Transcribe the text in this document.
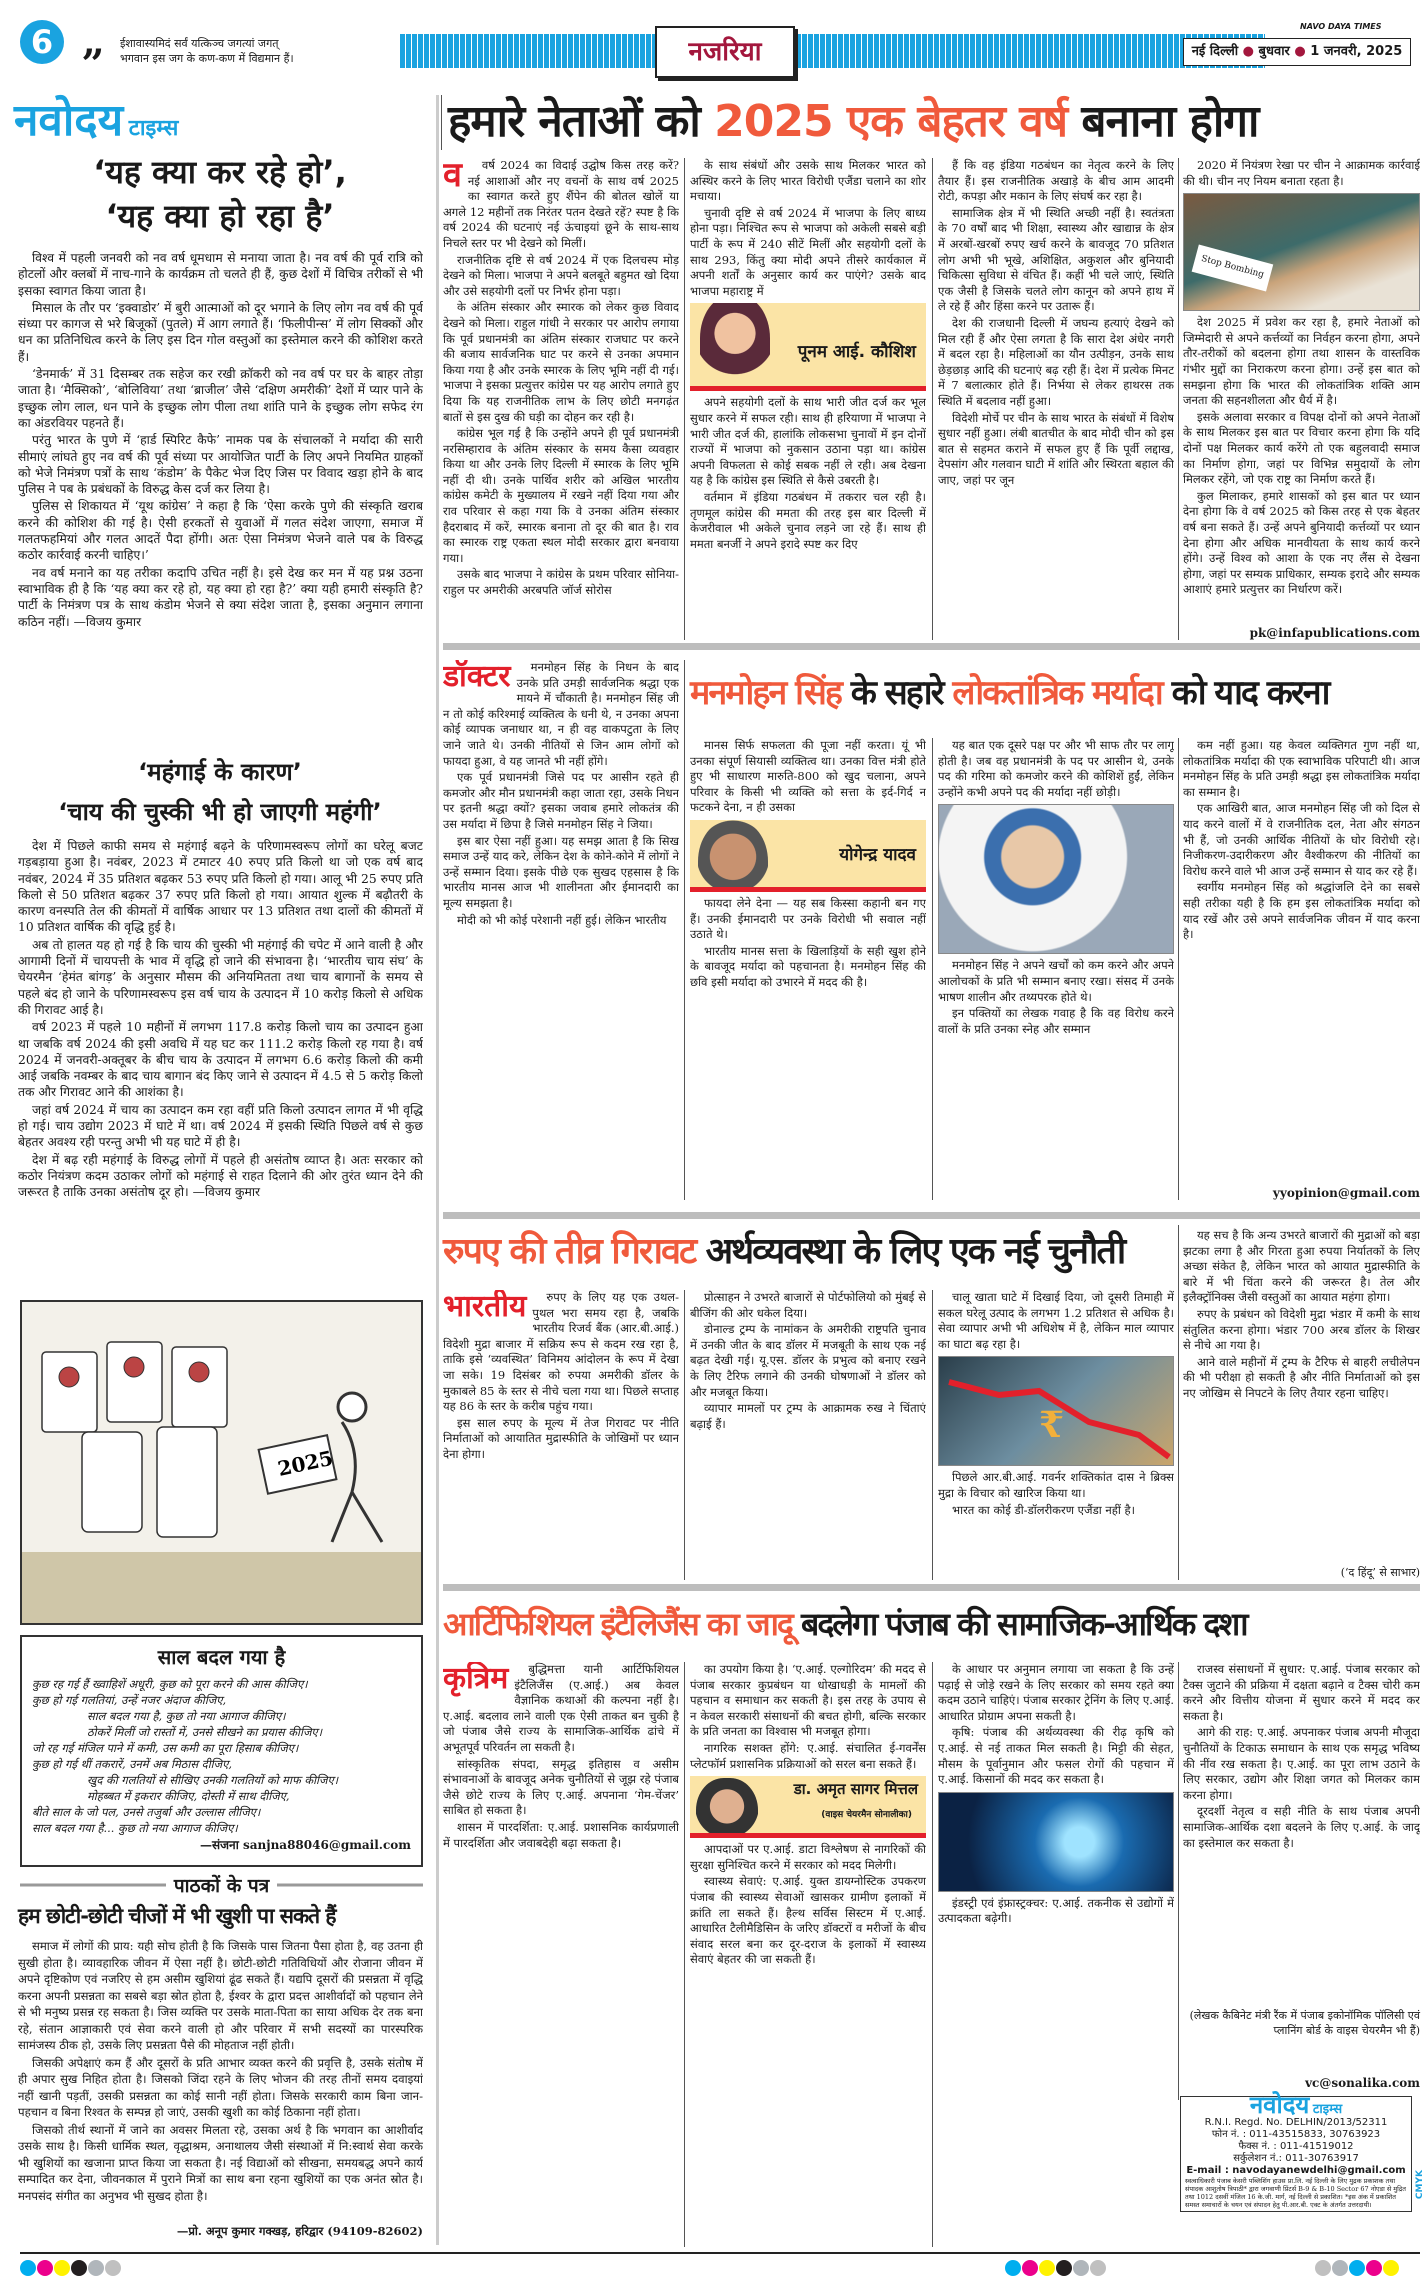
6 „ ईशावास्यमिदं सर्वं यत्किञ्च जगत्यां जगत्
भगवान इस जग के कण-कण में विद्यमान हैं।	नजरिया
NAVO DAYA TIMES
नई दिल्ली ● बुधवार ● 1 जनवरी, 2025
नवोदय टाइम्स
‘यह क्या कर रहे हो’,
‘यह क्या हो रहा है’

विश्व में पहली जनवरी को नव वर्ष धूमधाम से मनाया जाता है। नव वर्ष की पूर्व रात्रि को होटलों और क्लबों में नाच-गाने के कार्यक्रम तो चलते ही हैं, कुछ देशों में विचित्र तरीकों से भी इसका स्वागत किया जाता है।

मिसाल के तौर पर ‘इक्वाडोर’ में बुरी आत्माओं को दूर भगाने के लिए लोग नव वर्ष की पूर्व संध्या पर कागज से भरे बिजूकों (पुतले) में आग लगाते हैं। ‘फिलीपीन्स’ में लोग सिक्कों और धन का प्रतिनिधित्व करने के लिए इस दिन गोल वस्तुओं का इस्तेमाल करने की कोशिश करते हैं।

‘डेनमार्क’ में 31 दिसम्बर तक सहेज कर रखी क्रॉकरी को नव वर्ष पर घर के बाहर तोड़ा जाता है। ‘मैक्सिको’, ‘बोलिविया’ तथा ‘ब्राजील’ जैसे ‘दक्षिण अमरीकी’ देशों में प्यार पाने के इच्छुक लोग लाल, धन पाने के इच्छुक लोग पीला तथा शांति पाने के इच्छुक लोग सफेद रंग का अंडरवियर पहनते हैं।

परंतु भारत के पुणे में ‘हार्ड स्पिरिट कैफे’ नामक पब के संचालकों ने मर्यादा की सारी सीमाएं लांघते हुए नव वर्ष की पूर्व संध्या पर आयोजित पार्टी के लिए अपने नियमित ग्राहकों को भेजे निमंत्रण पत्रों के साथ ‘कंडोम’ के पैकेट भेज दिए जिस पर विवाद खड़ा होने के बाद पुलिस ने पब के प्रबंधकों के विरुद्ध केस दर्ज कर लिया है।

पुलिस से शिकायत में ‘यूथ कांग्रेस’ ने कहा है कि ‘ऐसा करके पुणे की संस्कृति खराब करने की कोशिश की गई है। ऐसी हरकतों से युवाओं में गलत संदेश जाएगा, समाज में गलतफहमियां और गलत आदतें पैदा होंगी। अतः ऐसा निमंत्रण भेजने वाले पब के विरुद्ध कठोर कार्रवाई करनी चाहिए।’

नव वर्ष मनाने का यह तरीका कदापि उचित नहीं है। इसे देख कर मन में यह प्रश्न उठना स्वाभाविक ही है कि ‘यह क्या कर रहे हो, यह क्या हो रहा है?’ क्या यही हमारी संस्कृति है? पार्टी के निमंत्रण पत्र के साथ कंडोम भेजने से क्या संदेश जाता है, इसका अनुमान लगाना कठिन नहीं। —विजय कुमार

‘महंगाई के कारण’
‘चाय की चुस्की भी हो जाएगी महंगी’

देश में पिछले काफी समय से महंगाई बढ़ने के परिणामस्वरूप लोगों का घरेलू बजट गड़बड़ाया हुआ है। नवंबर, 2023 में टमाटर 40 रुपए प्रति किलो था जो एक वर्ष बाद नवंबर, 2024 में 35 प्रतिशत बढ़कर 53 रुपए प्रति किलो हो गया। आलू भी 25 रुपए प्रति किलो से 50 प्रतिशत बढ़कर 37 रुपए प्रति किलो हो गया। आयात शुल्क में बढ़ौतरी के कारण वनस्पति तेल की कीमतों में वार्षिक आधार पर 13 प्रतिशत तथा दालों की कीमतों में 10 प्रतिशत वार्षिक की वृद्धि हुई है।

अब तो हालत यह हो गई है कि चाय की चुस्की भी महंगाई की चपेट में आने वाली है और आगामी दिनों में चायपत्ती के भाव में वृद्धि हो जाने की संभावना है। ‘भारतीय चाय संघ’ के चेयरमैन ‘हेमंत बांगड़’ के अनुसार मौसम की अनियमितता तथा चाय बागानों के समय से पहले बंद हो जाने के परिणामस्वरूप इस वर्ष चाय के उत्पादन में 10 करोड़ किलो से अधिक की गिरावट आई है।

वर्ष 2023 में पहले 10 महीनों में लगभग 117.8 करोड़ किलो चाय का उत्पादन हुआ था जबकि वर्ष 2024 की इसी अवधि में यह घट कर 111.2 करोड़ किलो रह गया है। वर्ष 2024 में जनवरी-अक्तूबर के बीच चाय के उत्पादन में लगभग 6.6 करोड़ किलो की कमी आई जबकि नवम्बर के बाद चाय बागान बंद किए जाने से उत्पादन में 4.5 से 5 करोड़ किलो तक और गिरावट आने की आशंका है।

जहां वर्ष 2024 में चाय का उत्पादन कम रहा वहीं प्रति किलो उत्पादन लागत में भी वृद्धि हो गई। चाय उद्योग 2023 में घाटे में था। वर्ष 2024 में इसकी स्थिति पिछले वर्ष से कुछ बेहतर अवश्य रही परन्तु अभी भी यह घाटे में ही है।

देश में बढ़ रही महंगाई के विरुद्ध लोगों में पहले ही असंतोष व्याप्त है। अतः सरकार को कठोर नियंत्रण कदम उठाकर लोगों को महंगाई से राहत दिलाने की ओर तुरंत ध्यान देने की जरूरत है ताकि उनका असंतोष दूर हो। —विजय कुमार

2025
साल बदल गया है
कुछ रह गई हैं ख्वाहिशें अधूरी, कुछ को पूरा करने की आस कीजिए।
कुछ हो गई गलतियां, उन्हें नजर अंदाज कीजिए,
साल बदल गया है, कुछ तो नया आगाज कीजिए।
ठोकरें मिलीं जो रास्तों में, उनसे सीखने का प्रयास कीजिए।
जो रह गई मंजिल पाने में कमी, उस कमी का पूरा हिसाब कीजिए।
कुछ हो गई थीं तकरारें, उनमें अब मिठास दीजिए,
खुद की गलतियों से सीखिए उनकी गलतियों को माफ कीजिए।
मोहब्बत में इकरार कीजिए, दोस्ती में साथ दीजिए,
बीते साल के जो पल, उनसे तजुर्बा और उल्लास लीजिए।
साल बदल गया है... कुछ तो नया आगाज कीजिए।
—संजना sanjna88046@gmail.com
पाठकों के पत्र
हम छोटी-छोटी चीजों में भी खुशी पा सकते हैं

समाज में लोगों की प्राय: यही सोच होती है कि जिसके पास जितना पैसा होता है, वह उतना ही सुखी होता है। व्यावहारिक जीवन में ऐसा नहीं है। छोटी-छोटी गतिविधियों और रोजाना जीवन में अपने दृष्टिकोण एवं नजरिए से हम असीम खुशियां ढूंढ सकते हैं। यद्यपि दूसरों की प्रसन्नता में वृद्धि करना अपनी प्रसन्नता का सबसे बड़ा स्रोत होता है, ईश्वर के द्वारा प्रदत्त आशीर्वादों को पहचान लेने से भी मनुष्य प्रसन्न रह सकता है। जिस व्यक्ति पर उसके माता-पिता का साया अधिक देर तक बना रहे, संतान आज्ञाकारी एवं सेवा करने वाली हो और परिवार में सभी सदस्यों का पारस्परिक सामंजस्य ठीक हो, उसके लिए प्रसन्नता पैसे की मोहताज नहीं होती।

जिसकी अपेक्षाएं कम हैं और दूसरों के प्रति आभार व्यक्त करने की प्रवृत्ति है, उसके संतोष में ही अपार सुख निहित होता है। जिसको जिंदा रहने के लिए भोजन की तरह तीनों समय दवाइयां नहीं खानी पड़तीं, उसकी प्रसन्नता का कोई सानी नहीं होता। जिसके सरकारी काम बिना जान-पहचान व बिना रिश्वत के सम्पन्न हो जाएं, उसकी खुशी का कोई ठिकाना नहीं होता।

जिसको तीर्थ स्थानों में जाने का अवसर मिलता रहे, उसका अर्थ है कि भगवान का आशीर्वाद उसके साथ है। किसी धार्मिक स्थल, वृद्धाश्रम, अनाथालय जैसी संस्थाओं में नि:स्वार्थ सेवा करके भी खुशियों का खजाना प्राप्त किया जा सकता है। नई विद्याओं को सीखना, समयबद्ध अपने कार्य सम्पादित कर देना, जीवनकाल में पुराने मित्रों का साथ बना रहना खुशियों का एक अनंत स्रोत है। मनपसंद संगीत का अनुभव भी सुखद होता है।

—प्रो. अनूप कुमार गक्खड़, हरिद्वार (94109-82602)
हमारे नेताओं को 2025 एक बेहतर वर्ष बनाना होगा
व	वर्ष 2024 का विदाई उद्घोष किस तरह करें? नई आशाओं और नए वचनों के साथ वर्ष 2025 का स्वागत करते हुए शैंपेन की बोतल खोलें या अगले 12 महीनों तक निरंतर पतन देखते रहें? स्पष्ट है कि वर्ष 2024 की घटनाएं नई ऊंचाइयां छूने के साथ-साथ निचले स्तर पर भी देखने को मिलीं।

राजनीतिक दृष्टि से वर्ष 2024 में एक दिलचस्प मोड़ देखने को मिला। भाजपा ने अपने बलबूते बहुमत खो दिया और उसे सहयोगी दलों पर निर्भर होना पड़ा।

के अंतिम संस्कार और स्मारक को लेकर कुछ विवाद देखने को मिला। राहुल गांधी ने सरकार पर आरोप लगाया कि पूर्व प्रधानमंत्री का अंतिम संस्कार राजघाट पर करने की बजाय सार्वजनिक घाट पर करने से उनका अपमान किया गया है और उनके स्मारक के लिए भूमि नहीं दी गई। भाजपा ने इसका प्रत्युत्तर कांग्रेस पर यह आरोप लगाते हुए दिया कि यह राजनीतिक लाभ के लिए छोटी मनगढ़ंत बातों से इस दुख की घड़ी का दोहन कर रही है।

कांग्रेस भूल गई है कि उन्होंने अपने ही पूर्व प्रधानमंत्री नरसिम्हाराव के अंतिम संस्कार के समय कैसा व्यवहार किया था और उनके लिए दिल्ली में स्मारक के लिए भूमि नहीं दी थी। उनके पार्थिव शरीर को अखिल भारतीय कांग्रेस कमेटी के मुख्यालय में रखने नहीं दिया गया और राव परिवार से कहा गया कि वे उनका अंतिम संस्कार हैदराबाद में करें, स्मारक बनाना तो दूर की बात है। राव का स्मारक राष्ट्र एकता स्थल मोदी सरकार द्वारा बनवाया गया।

उसके बाद भाजपा ने कांग्रेस के प्रथम परिवार सोनिया-राहुल पर अमरीकी अरबपति जॉर्ज सोरोस

के साथ संबंधों और उसके साथ मिलकर भारत को अस्थिर करने के लिए भारत विरोधी एजैंडा चलाने का शोर मचाया।

चुनावी दृष्टि से वर्ष 2024 में भाजपा के लिए बाध्य होना पड़ा। निश्चित रूप से भाजपा को अकेली सबसे बड़ी पार्टी के रूप में 240 सीटें मिलीं और सहयोगी दलों के साथ 293, किंतु क्या मोदी अपने तीसरे कार्यकाल में अपनी शर्तों के अनुसार कार्य कर पाएंगे? उसके बाद भाजपा महाराष्ट्र में

पूनम आई. कौशिश

अपने सहयोगी दलों के साथ भारी जीत दर्ज कर भूल सुधार करने में सफल रही। साथ ही हरियाणा में भाजपा ने भारी जीत दर्ज की, हालांकि लोकसभा चुनावों में इन दोनों राज्यों में भाजपा को नुकसान उठाना पड़ा था। कांग्रेस अपनी विफलता से कोई सबक नहीं ले रही। अब देखना यह है कि कांग्रेस इस स्थिति से कैसे उबरती है।

वर्तमान में इंडिया गठबंधन में तकरार चल रही है। तृणमूल कांग्रेस की ममता की तरह इस बार दिल्ली में केजरीवाल भी अकेले चुनाव लड़ने जा रहे हैं। साथ ही ममता बनर्जी ने अपने इरादे स्पष्ट कर दिए

हैं कि वह इंडिया गठबंधन का नेतृत्व करने के लिए तैयार हैं। इस राजनीतिक अखाड़े के बीच आम आदमी रोटी, कपड़ा और मकान के लिए संघर्ष कर रहा है।

सामाजिक क्षेत्र में भी स्थिति अच्छी नहीं है। स्वतंत्रता के 70 वर्षों बाद भी शिक्षा, स्वास्थ्य और खाद्यान्न के क्षेत्र में अरबों-खरबों रुपए खर्च करने के बावजूद 70 प्रतिशत लोग अभी भी भूखे, अशिक्षित, अकुशल और बुनियादी चिकित्सा सुविधा से वंचित हैं। कहीं भी चले जाएं, स्थिति एक जैसी है जिसके चलते लोग कानून को अपने हाथ में ले रहे हैं और हिंसा करने पर उतारू हैं।

देश की राजधानी दिल्ली में जघन्य हत्याएं देखने को मिल रही हैं और ऐसा लगता है कि सारा देश अंधेर नगरी में बदल रहा है। महिलाओं का यौन उत्पीड़न, उनके साथ छेड़छाड़ आदि की घटनाएं बढ़ रही हैं। देश में प्रत्येक मिनट में 7 बलात्कार होते हैं। निर्भया से लेकर हाथरस तक स्थिति में बदलाव नहीं हुआ।

विदेशी मोर्चे पर चीन के साथ भारत के संबंधों में विशेष सुधार नहीं हुआ। लंबी बातचीत के बाद मोदी चीन को इस बात से सहमत कराने में सफल हुए हैं कि पूर्वी लद्दाख, देपसांग और गलवान घाटी में शांति और स्थिरता बहाल की जाए, जहां पर जून

2020 में नियंत्रण रेखा पर चीन ने आक्रामक कार्रवाई की थी। चीन नए नियम बनाता रहता है।

Stop Bombing

देश 2025 में प्रवेश कर रहा है, हमारे नेताओं को जिम्मेदारी से अपने कर्त्तव्यों का निर्वहन करना होगा, अपने तौर-तरीकों को बदलना होगा तथा शासन के वास्तविक गंभीर मुद्दों का निराकरण करना होगा। उन्हें इस बात को समझना होगा कि भारत की लोकतांत्रिक शक्ति आम जनता की सहनशीलता और धैर्य में है।

इसके अलावा सरकार व विपक्ष दोनों को अपने नेताओं के साथ मिलकर इस बात पर विचार करना होगा कि यदि दोनों पक्ष मिलकर कार्य करेंगे तो एक बहुलवादी समाज का निर्माण होगा, जहां पर विभिन्न समुदायों के लोग मिलकर रहेंगे, जो एक राष्ट्र का निर्माण करते हैं।

कुल मिलाकर, हमारे शासकों को इस बात पर ध्यान देना होगा कि वे वर्ष 2025 को किस तरह से एक बेहतर वर्ष बना सकते हैं। उन्हें अपने बुनियादी कर्त्तव्यों पर ध्यान देना होगा और अधिक मानवीयता के साथ कार्य करने होंगे। उन्हें विश्व को आशा के एक नए लैंस से देखना होगा, जहां पर सम्यक प्राधिकार, सम्यक इरादे और सम्यक आशाएं हमारे प्रत्युत्तर का निर्धारण करें।

pk@infapublications.com
डॉक्टर	मनमोहन सिंह के निधन के बाद उनके प्रति उमड़ी सार्वजनिक श्रद्धा एक मायने में चौंकाती है। मनमोहन सिंह जी न तो कोई करिश्माई व्यक्तित्व के धनी थे, न उनका अपना कोई व्यापक जनाधार था, न ही वह वाकपटुता के लिए जाने जाते थे। उनकी नीतियों से जिन आम लोगों को फायदा हुआ, वे यह जानते भी नहीं होंगे।

एक पूर्व प्रधानमंत्री जिसे पद पर आसीन रहते ही कमजोर और मौन प्रधानमंत्री कहा जाता रहा, उसके निधन पर इतनी श्रद्धा क्यों? इसका जवाब हमारे लोकतंत्र की उस मर्यादा में छिपा है जिसे मनमोहन सिंह ने जिया।

इस बार ऐसा नहीं हुआ। यह समझ आता है कि सिख समाज उन्हें याद करे, लेकिन देश के कोने-कोने में लोगों ने उन्हें सम्मान दिया। इसके पीछे एक सुखद एहसास है कि भारतीय मानस आज भी शालीनता और ईमानदारी का मूल्य समझता है।

मोदी को भी कोई परेशानी नहीं हुई। लेकिन भारतीय

मनमोहन सिंह के सहारे लोकतांत्रिक मर्यादा को याद करना

मानस सिर्फ सफलता की पूजा नहीं करता। यूं भी उनका संपूर्ण सियासी व्यक्तित्व था। उनका वित्त मंत्री होते हुए भी साधारण मारुति-800 को खुद चलाना, अपने परिवार के किसी भी व्यक्ति को सत्ता के इर्द-गिर्द न फटकने देना, न ही उसका

योगेन्द्र यादव

फायदा लेने देना — यह सब किस्सा कहानी बन गए हैं। उनकी ईमानदारी पर उनके विरोधी भी सवाल नहीं उठाते थे।

भारतीय मानस सत्ता के खिलाड़ियों के सही खुश होने के बावजूद मर्यादा को पहचानता है। मनमोहन सिंह की छवि इसी मर्यादा को उभारने में मदद की है।

यह बात एक दूसरे पक्ष पर और भी साफ तौर पर लागू होती है। जब वह प्रधानमंत्री के पद पर आसीन थे, उनके पद की गरिमा को कमजोर करने की कोशिशें हुईं, लेकिन उन्होंने कभी अपने पद की मर्यादा नहीं छोड़ी।

मनमोहन सिंह ने अपने खर्चों को कम करने और अपने आलोचकों के प्रति भी सम्मान बनाए रखा। संसद में उनके भाषण शालीन और तथ्यपरक होते थे।

इन पक्तियों का लेखक गवाह है कि वह विरोध करने वालों के प्रति उनका स्नेह और सम्मान

कम नहीं हुआ। यह केवल व्यक्तिगत गुण नहीं था, लोकतांत्रिक मर्यादा की एक स्वाभाविक परिपाटी थी। आज मनमोहन सिंह के प्रति उमड़ी श्रद्धा इस लोकतांत्रिक मर्यादा का सम्मान है।

एक आखिरी बात, आज मनमोहन सिंह जी को दिल से याद करने वालों में वे राजनीतिक दल, नेता और संगठन भी हैं, जो उनकी आर्थिक नीतियों के घोर विरोधी रहे। निजीकरण-उदारीकरण और वैश्वीकरण की नीतियों का विरोध करने वाले भी आज उन्हें सम्मान से याद कर रहे हैं।

स्वर्गीय मनमोहन सिंह को श्रद्धांजलि देने का सबसे सही तरीका यही है कि हम इस लोकतांत्रिक मर्यादा को याद रखें और उसे अपने सार्वजनिक जीवन में याद करना है।

yyopinion@gmail.com
रुपए की तीव्र गिरावट अर्थव्यवस्था के लिए एक नई चुनौती
भारतीय	रुपए के लिए यह एक उथल-पुथल भरा समय रहा है, जबकि भारतीय रिजर्व बैंक (आर.बी.आई.) विदेशी मुद्रा बाजार में सक्रिय रूप से कदम रख रहा है, ताकि इसे ‘व्यवस्थित’ विनिमय आंदोलन के रूप में देखा जा सके। 19 दिसंबर को रुपया अमरीकी डॉलर के मुकाबले 85 के स्तर से नीचे चला गया था। पिछले सप्ताह यह 86 के स्तर के करीब पहुंच गया।

इस साल रुपए के मूल्य में तेज गिरावट पर नीति निर्माताओं को आयातित मुद्रास्फीति के जोखिमों पर ध्यान देना होगा।

प्रोत्साहन ने उभरते बाजारों से पोर्टफोलियो को मुंबई से बीजिंग की ओर धकेल दिया।

डोनाल्ड ट्रम्प के नामांकन के अमरीकी राष्ट्रपति चुनाव में उनकी जीत के बाद डॉलर में मजबूती के साथ एक नई बढ़त देखी गई। यू.एस. डॉलर के प्रभुत्व को बनाए रखने के लिए टैरिफ लगाने की उनकी घोषणाओं ने डॉलर को और मजबूत किया।

व्यापार मामलों पर ट्रम्प के आक्रामक रुख ने चिंताएं बढ़ाई हैं।

चालू खाता घाटे में दिखाई दिया, जो दूसरी तिमाही में सकल घरेलू उत्पाद के लगभग 1.2 प्रतिशत से अधिक है। सेवा व्यापार अभी भी अधिशेष में है, लेकिन माल व्यापार का घाटा बढ़ रहा है।

₹

पिछले आर.बी.आई. गवर्नर शक्तिकांत दास ने ब्रिक्स मुद्रा के विचार को खारिज किया था।

भारत का कोई डी-डॉलरीकरण एजैंडा नहीं है।

यह सच है कि अन्य उभरते बाजारों की मुद्राओं को बड़ा झटका लगा है और गिरता हुआ रुपया निर्यातकों के लिए अच्छा संकेत है, लेकिन भारत को आयात मुद्रास्फीति के बारे में भी चिंता करने की जरूरत है। तेल और इलैक्ट्रॉनिक्स जैसी वस्तुओं का आयात महंगा होगा।

रुपए के प्रबंधन को विदेशी मुद्रा भंडार में कमी के साथ संतुलित करना होगा। भंडार 700 अरब डॉलर के शिखर से नीचे आ गया है।

आने वाले महीनों में ट्रम्प के टैरिफ से बाहरी लचीलेपन की भी परीक्षा हो सकती है और नीति निर्माताओं को इस नए जोखिम से निपटने के लिए तैयार रहना चाहिए।

(‘द हिंदू’ से साभार)
आर्टिफिशियल इंटैलिजैंस का जादू बदलेगा पंजाब की सामाजिक-आर्थिक दशा
कृत्रिम	बुद्धिमत्ता यानी आर्टिफिशियल इंटैलिजैंस (ए.आई.) अब केवल वैज्ञानिक कथाओं की कल्पना नहीं है। ए.आई. बदलाव लाने वाली एक ऐसी ताकत बन चुकी है जो पंजाब जैसे राज्य के सामाजिक-आर्थिक ढांचे में अभूतपूर्व परिवर्तन ला सकती है।

सांस्कृतिक संपदा, समृद्ध इतिहास व असीम संभावनाओं के बावजूद अनेक चुनौतियों से जूझ रहे पंजाब जैसे छोटे राज्य के लिए ए.आई. अपनाना ‘गेम-चेंजर’ साबित हो सकता है।

शासन में पारदर्शिता: ए.आई. प्रशासनिक कार्यप्रणाली में पारदर्शिता और जवाबदेही बढ़ा सकता है।

का उपयोग किया है। ‘ए.आई. एल्गोरिदम’ की मदद से पंजाब सरकार कुप्रबंधन या धोखाधड़ी के मामलों की पहचान व समाधान कर सकती है। इस तरह के उपाय से न केवल सरकारी संसाधनों की बचत होगी, बल्कि सरकार के प्रति जनता का विश्वास भी मजबूत होगा।

नागरिक सशक्त होंगे: ए.आई. संचालित ई-गवर्नेंस प्लेटफॉर्म प्रशासनिक प्रक्रियाओं को सरल बना सकते हैं।

डा. अमृत सागर मित्तल
(वाइस चेयरमैन सोनालीका)

आपदाओं पर ए.आई. डाटा विश्लेषण से नागरिकों की सुरक्षा सुनिश्चित करने में सरकार को मदद मिलेगी।

स्वास्थ्य सेवाएं: ए.आई. युक्त डायग्नोस्टिक उपकरण पंजाब की स्वास्थ्य सेवाओं खासकर ग्रामीण इलाकों में क्रांति ला सकते हैं। हैल्थ सर्विस सिस्टम में ए.आई. आधारित टैलीमैडिसिन के जरिए डॉक्टरों व मरीजों के बीच संवाद सरल बना कर दूर-दराज के इलाकों में स्वास्थ्य सेवाएं बेहतर की जा सकती हैं।

के आधार पर अनुमान लगाया जा सकता है कि उन्हें पढ़ाई से जोड़े रखने के लिए सरकार को समय रहते क्या कदम उठाने चाहिएं। पंजाब सरकार ट्रेनिंग के लिए ए.आई. आधारित प्रोग्राम अपना सकती है।

कृषि: पंजाब की अर्थव्यवस्था की रीढ़ कृषि को ए.आई. से नई ताकत मिल सकती है। मिट्टी की सेहत, मौसम के पूर्वानुमान और फसल रोगों की पहचान में ए.आई. किसानों की मदद कर सकता है।

इंडस्ट्री एवं इंफ्रास्ट्रक्चर: ए.आई. तकनीक से उद्योगों में उत्पादकता बढ़ेगी।

राजस्व संसाधनों में सुधार: ए.आई. पंजाब सरकार को टैक्स जुटाने की प्रक्रिया में दक्षता बढ़ाने व टैक्स चोरी कम करने और वित्तीय योजना में सुधार करने में मदद कर सकता है।

आगे की राह: ए.आई. अपनाकर पंजाब अपनी मौजूदा चुनौतियों के टिकाऊ समाधान के साथ एक समृद्ध भविष्य की नींव रख सकता है। ए.आई. का पूरा लाभ उठाने के लिए सरकार, उद्योग और शिक्षा जगत को मिलकर काम करना होगा।

दूरदर्शी नेतृत्व व सही नीति के साथ पंजाब अपनी सामाजिक-आर्थिक दशा बदलने के लिए ए.आई. के जादू का इस्तेमाल कर सकता है।

(लेखक कैबिनेट मंत्री रैंक में पंजाब इकोनॉमिक पॉलिसी एवं प्लानिंग बोर्ड के वाइस चेयरमैन भी हैं)
vc@sonalika.com
नवोदय टाइम्स
R.N.I. Regd. No. DELHIN/2013/52311
फोन नं. : 011-43515833, 30763923
फैक्स नं. : 011-41519012
सर्कुलेशन नं.: 011-30763917
E-mail : navodayanewdelhi@gmail.com
स्वत्वाधिकारी पंजाब केसरी पब्लिशिंग हाउस प्रा.लि. नई दिल्ली के लिए मुद्रक प्रकाशक तथा संपादक आशुतोष त्रिपाठी* द्वारा जगवाणी प्रिंटर्स B-9 & B-10 Sector 67 नोएडा से मुद्रित तथा 1012 दसवीं मंजिल 16 के.जी. मार्ग, नई दिल्ली से प्रकाशित। *इस अंक में प्रकाशित समस्त समाचारों के चयन एवं संपादन हेतु पी.आर.बी. एक्ट के अंतर्गत उत्तरदायी।
CMYK
